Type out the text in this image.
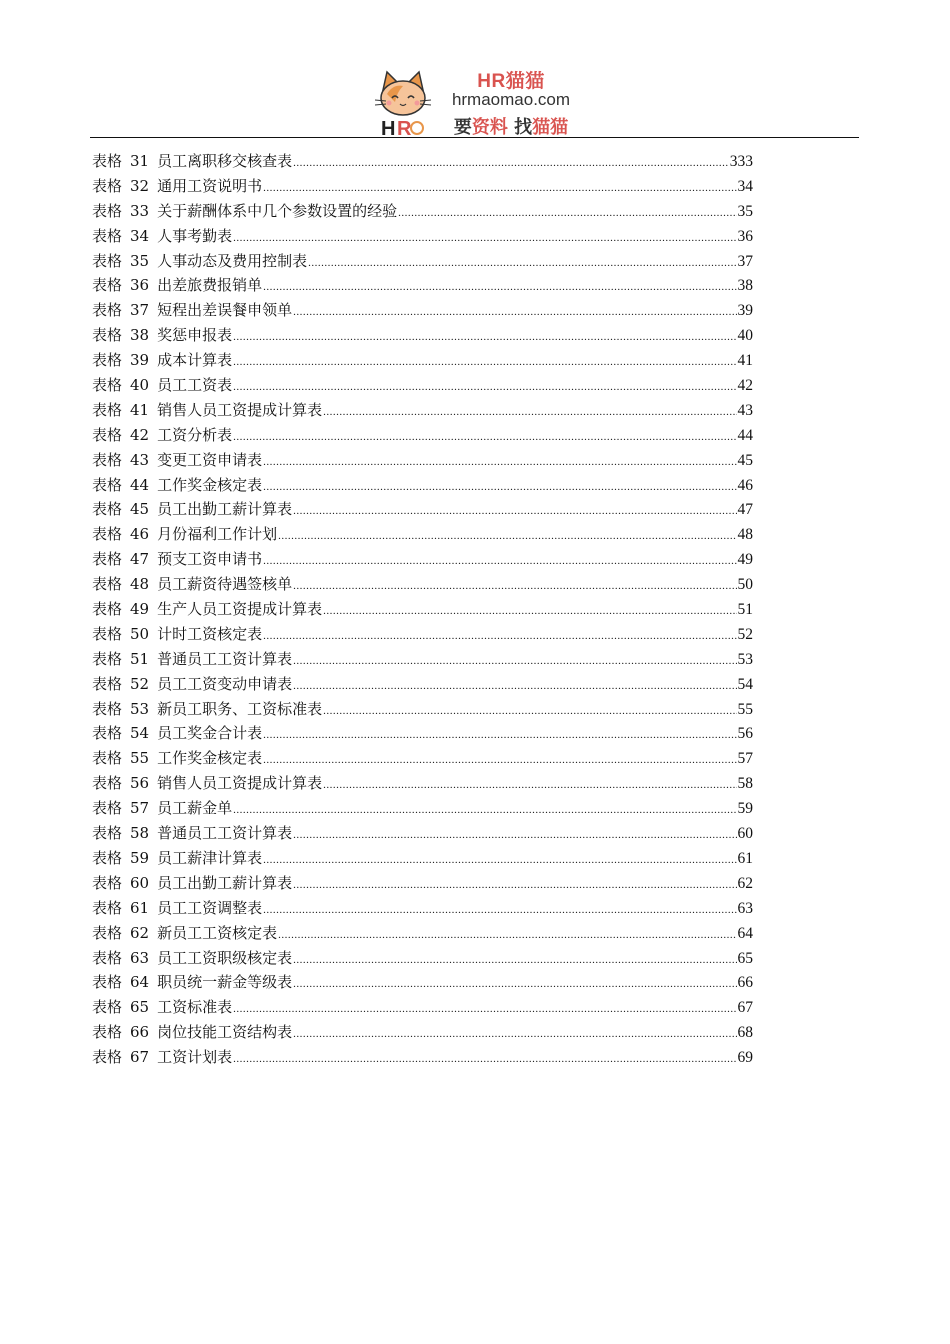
H R
HR猫猫
hrmaomao.com
要资料 找猫猫
表格 31 员工离职移交核查表 .....	333
表格 32 通用工资说明书 .....	34
表格 33 关于薪酬体系中几个参数设置的经验 .....	35
表格 34 人事考勤表 .....	36
表格 35 人事动态及费用控制表 .....	37
表格 36 出差旅费报销单 .....	38
表格 37 短程出差误餐申领单 .....	39
表格 38 奖惩申报表 .....	40
表格 39 成本计算表 .....	41
表格 40 员工工资表 .....	42
表格 41 销售人员工资提成计算表 .....	43
表格 42 工资分析表 .....	44
表格 43 变更工资申请表 .....	45
表格 44 工作奖金核定表 .....	46
表格 45 员工出勤工薪计算表 .....	47
表格 46 月份福利工作计划 .....	48
表格 47 预支工资申请书 .....	49
表格 48 员工薪资待遇签核单 .....	50
表格 49 生产人员工资提成计算表 .....	51
表格 50 计时工资核定表 .....	52
表格 51 普通员工工资计算表 .....	53
表格 52 员工工资变动申请表 .....	54
表格 53 新员工职务、工资标准表 .....	55
表格 54 员工奖金合计表 .....	56
表格 55 工作奖金核定表 .....	57
表格 56 销售人员工资提成计算表 .....	58
表格 57 员工薪金单 .....	59
表格 58 普通员工工资计算表 .....	60
表格 59 员工薪津计算表 .....	61
表格 60 员工出勤工薪计算表 .....	62
表格 61 员工工资调整表 .....	63
表格 62 新员工工资核定表 .....	64
表格 63 员工工资职级核定表 .....	65
表格 64 职员统一薪金等级表 .....	66
表格 65 工资标准表 .....	67
表格 66 岗位技能工资结构表 .....	68
表格 67 工资计划表 .....	69
